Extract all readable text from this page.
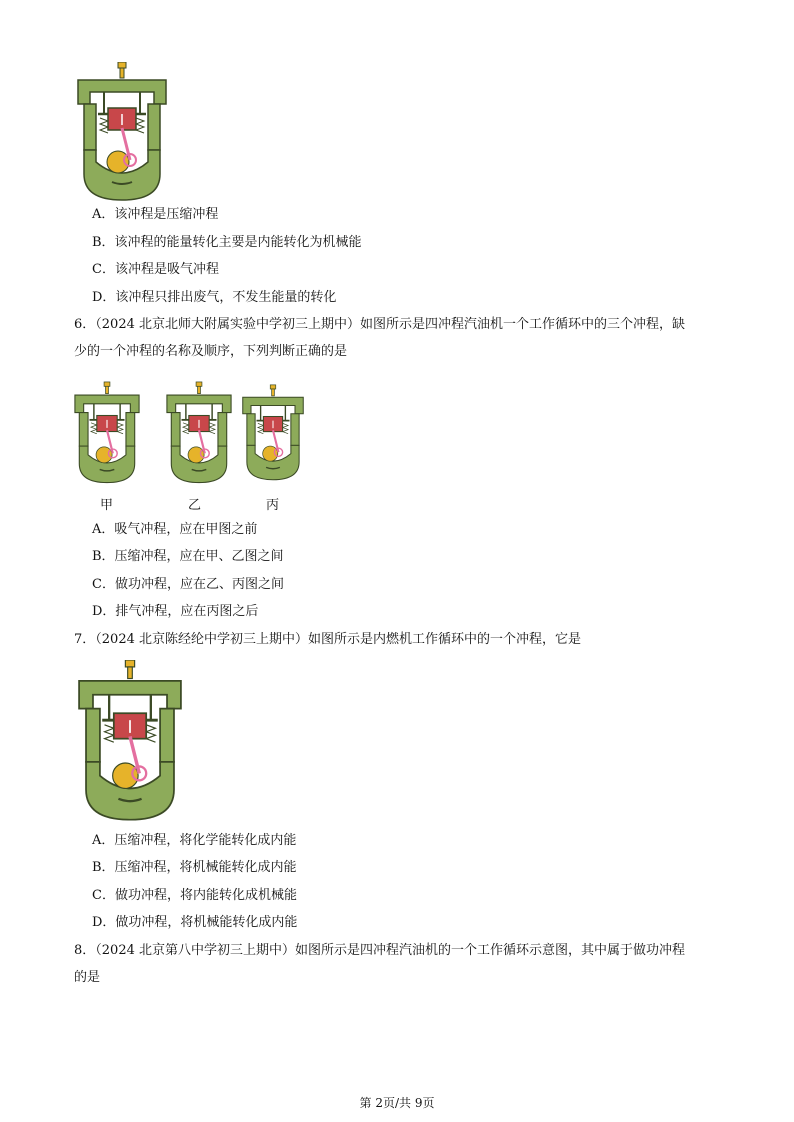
A．该冲程是压缩冲程
B．该冲程的能量转化主要是内能转化为机械能
C．该冲程是吸气冲程
D．该冲程只排出废气，不发生能量的转化
6．（2024 北京北师大附属实验中学初三上期中）如图所示是四冲程汽油机一个工作循环中的三个冲程，缺
少的一个冲程的名称及顺序，下列判断正确的是
甲	乙	丙
A．吸气冲程，应在甲图之前
B．压缩冲程，应在甲、乙图之间
C．做功冲程，应在乙、丙图之间
D．排气冲程，应在丙图之后
7．（2024 北京陈经纶中学初三上期中）如图所示是内燃机工作循环中的一个冲程，它是
A．压缩冲程，将化学能转化成内能
B．压缩冲程，将机械能转化成内能
C．做功冲程，将内能转化成机械能
D．做功冲程，将机械能转化成内能
8．（2024 北京第八中学初三上期中）如图所示是四冲程汽油机的一个工作循环示意图，其中属于做功冲程
的是
第 2页/共 9页
